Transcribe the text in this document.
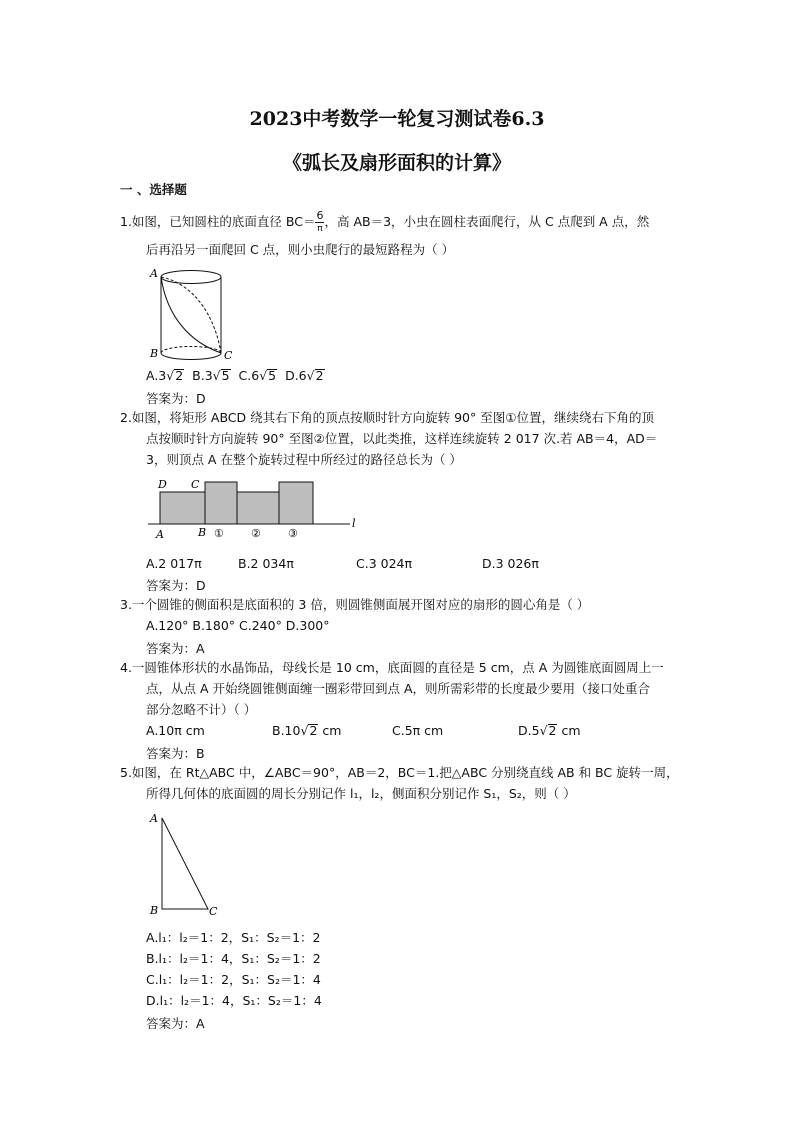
2023中考数学一轮复习测试卷6.3
《弧长及扇形面积的计算》
一 、选择题
1.如图，已知圆柱的底面直径 $BC= \frac{6}{\pi}$ ，高 AB＝3，小虫在圆柱表面爬行，从 C 点爬到 A 点，然
后再沿另一面爬回 C 点，则小虫爬行的最短路程为（ ）
A
B	C
A.3√2 B.3√5 C.6√5 D.6√2
答案为：D
2.如图，将矩形 ABCD 绕其右下角的顶点按顺时针方向旋转 90° 至图①位置，继续绕右下角的顶
点按顺时针方向旋转 90° 至图②位置，以此类推，这样连续旋转 2 017 次.若 AB＝4，AD＝
3，则顶点 A 在整个旋转过程中所经过的路径总长为（ ）
D C
A	B ① ② ③
l
A.2 017π	B.2 034π	C.3 024π	D.3 026π
答案为：D
3.一个圆锥的侧面积是底面积的 3 倍，则圆锥侧面展开图对应的扇形的圆心角是（ ）
A.120° B.180° C.240° D.300°
答案为：A
4.一圆锥体形状的水晶饰品，母线长是 10 cm，底面圆的直径是 5 cm，点 A 为圆锥底面圆周上一
点，从点 A 开始绕圆锥侧面缠一圈彩带回到点 A，则所需彩带的长度最少要用（接口处重合
部分忽略不计）（ ）
A.10π cm	B.10√2 cm	C.5π cm	D.5√2 cm
答案为：B
5.如图，在 Rt△ABC 中，∠ABC＝90°，AB＝2，BC＝1.把△ABC 分别绕直线 AB 和 BC 旋转一周，
所得几何体的底面圆的周长分别记作 l₁，l₂，侧面积分别记作 S₁，S₂，则（ ）
A
B	C
A.l₁：l₂＝1：2，S₁：S₂＝1：2
B.l₁：l₂＝1：4，S₁：S₂＝1：2
C.l₁：l₂＝1：2，S₁：S₂＝1：4
D.l₁：l₂＝1：4，S₁：S₂＝1：4
答案为：A
